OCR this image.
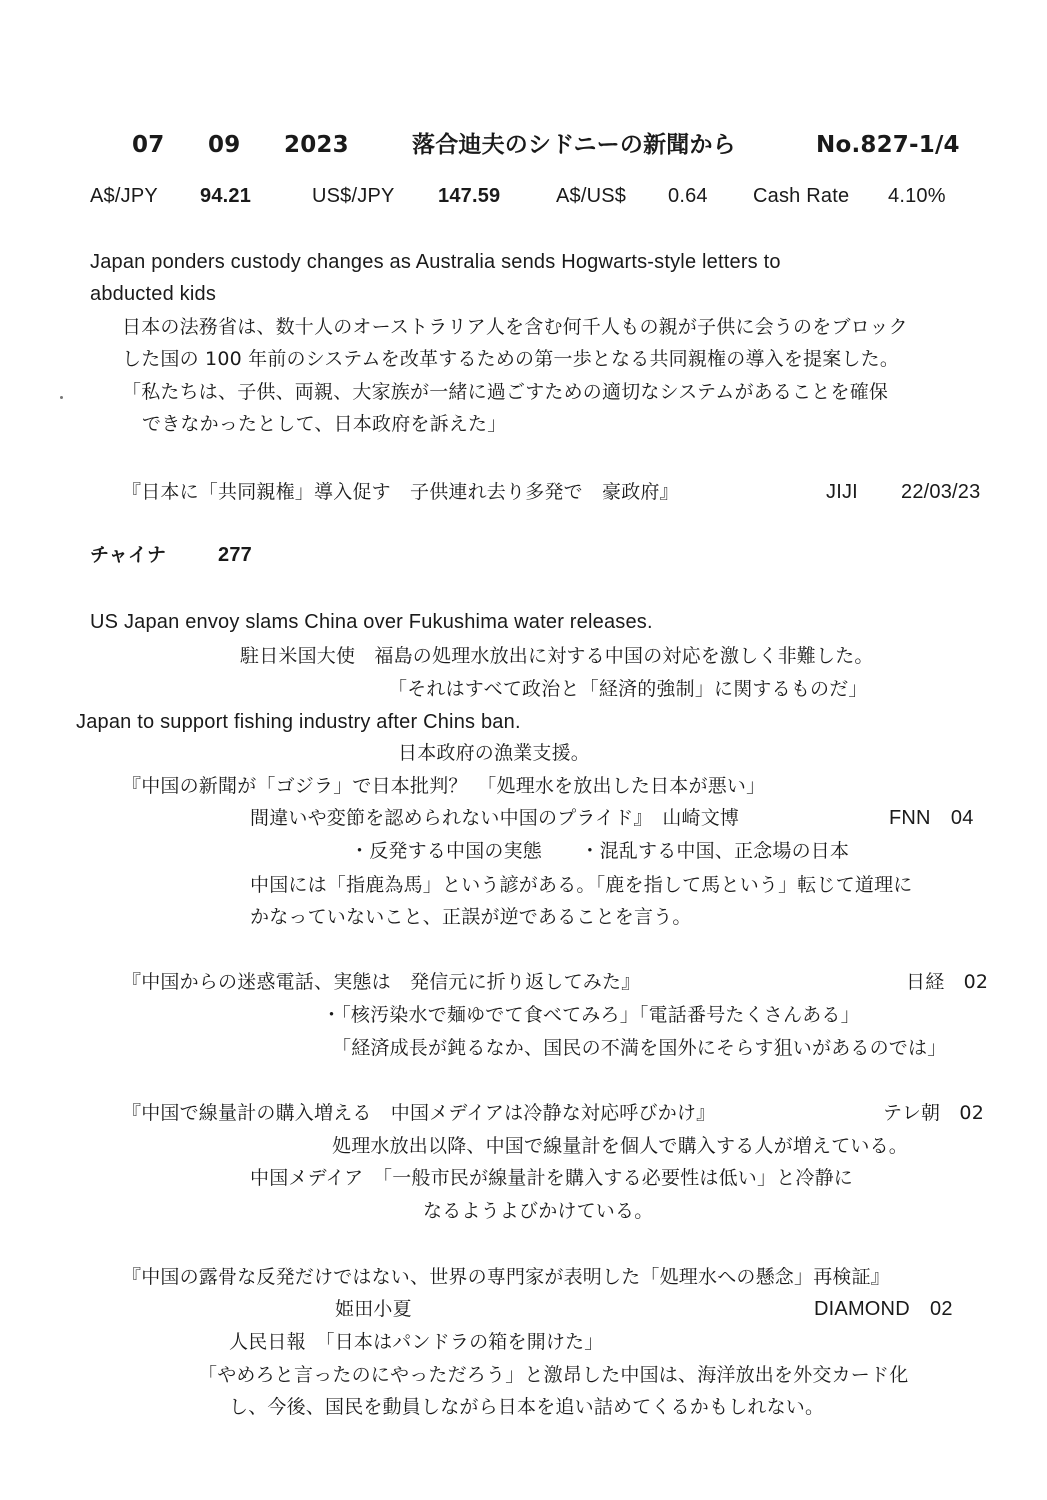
07 09 2023	落合迪夫のシドニーの新聞から	No.827-1/4
A$/JPY 94.21	US$/JPY 147.59	A$/US$ 0.64 Cash Rate 4.10%
Japan ponders custody changes as Australia sends Hogwarts-style letters to
abducted kids
日本の法務省は、数十人のオーストラリア人を含む何千人もの親が子供に会うのをブロック
した国の 100 年前のシステムを改革するための第一歩となる共同親権の導入を提案した。
「私たちは、子供、両親、大家族が一緒に過ごすための適切なシステムがあることを確保
できなかったとして、日本政府を訴えた」
『日本に「共同親権」導入促す　子供連れ去り多発で　豪政府』	JIJI 22/03/23
チャイナ	277
US Japan envoy slams China over Fukushima water releases.
駐日米国大使　福島の処理水放出に対する中国の対応を激しく非難した。
「それはすべて政治と「経済的強制」に関するものだ」
Japan to support fishing industry after Chins ban.
日本政府の漁業支援。
『中国の新聞が「ゴジラ」で日本批判？　「処理水を放出した日本が悪い」
間違いや変節を認められない中国のプライド』　山崎文博	FNN　04
・反発する中国の実態　　・混乱する中国、正念場の日本
中国には「指鹿為馬」という諺がある。「鹿を指して馬という」転じて道理に
かなっていないこと、正誤が逆であることを言う。
『中国からの迷惑電話、実態は　発信元に折り返してみた』	日経　02
・「核汚染水で麺ゆでて食べてみろ」「電話番号たくさんある」
「経済成長が鈍るなか、国民の不満を国外にそらす狙いがあるのでは」
『中国で線量計の購入増える　中国メデイアは冷静な対応呼びかけ』	テレ朝　02
処理水放出以降、中国で線量計を個人で購入する人が増えている。
中国メデイア　「一般市民が線量計を購入する必要性は低い」と冷静に
なるようよびかけている。
『中国の露骨な反発だけではない、世界の専門家が表明した「処理水への懸念」再検証』
姫田小夏	DIAMOND　02
人民日報　「日本はパンドラの箱を開けた」
「やめろと言ったのにやっただろう」と激昂した中国は、海洋放出を外交カード化
し、今後、国民を動員しながら日本を追い詰めてくるかもしれない。
